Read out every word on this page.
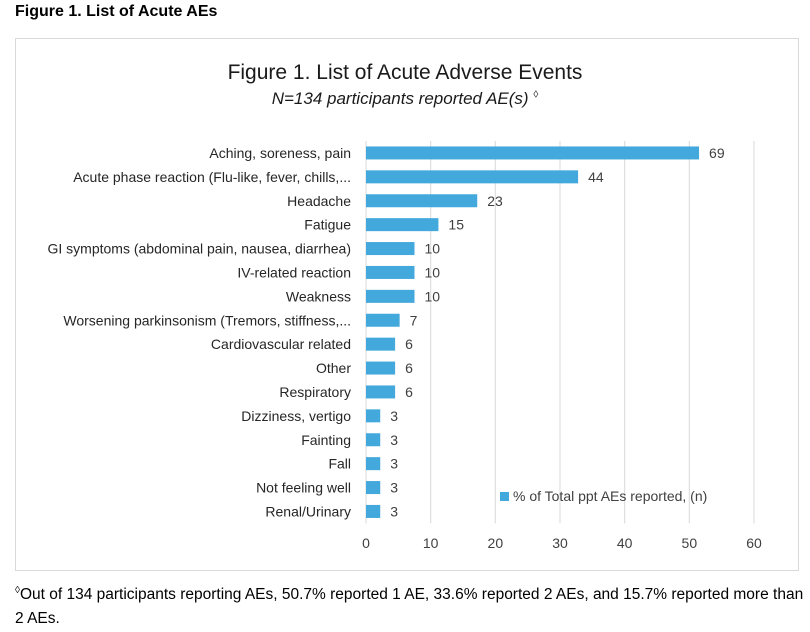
Figure 1. List of Acute AEs
Figure 1. List of Acute Adverse Events
N=134 participants reported AE(s) ◊
Aching, soreness, pain	69
Acute phase reaction (Flu-like, fever, chills,...	44
Headache	23
Fatigue	15
GI symptoms (abdominal pain, nausea, diarrhea)	10
IV-related reaction	10
Weakness	10
Worsening parkinsonism (Tremors, stiffness,...	7
Cardiovascular related	6
Other	6
Respiratory	6
Dizziness, vertigo	3
Fainting	3
Fall	3
Not feeling well	3
Renal/Urinary	3
0	10	20	30	40	50	60
% of Total ppt AEs reported, (n)
◊Out of 134 participants reporting AEs, 50.7% reported 1 AE, 33.6% reported 2 AEs, and 15.7% reported more than 2 AEs.
